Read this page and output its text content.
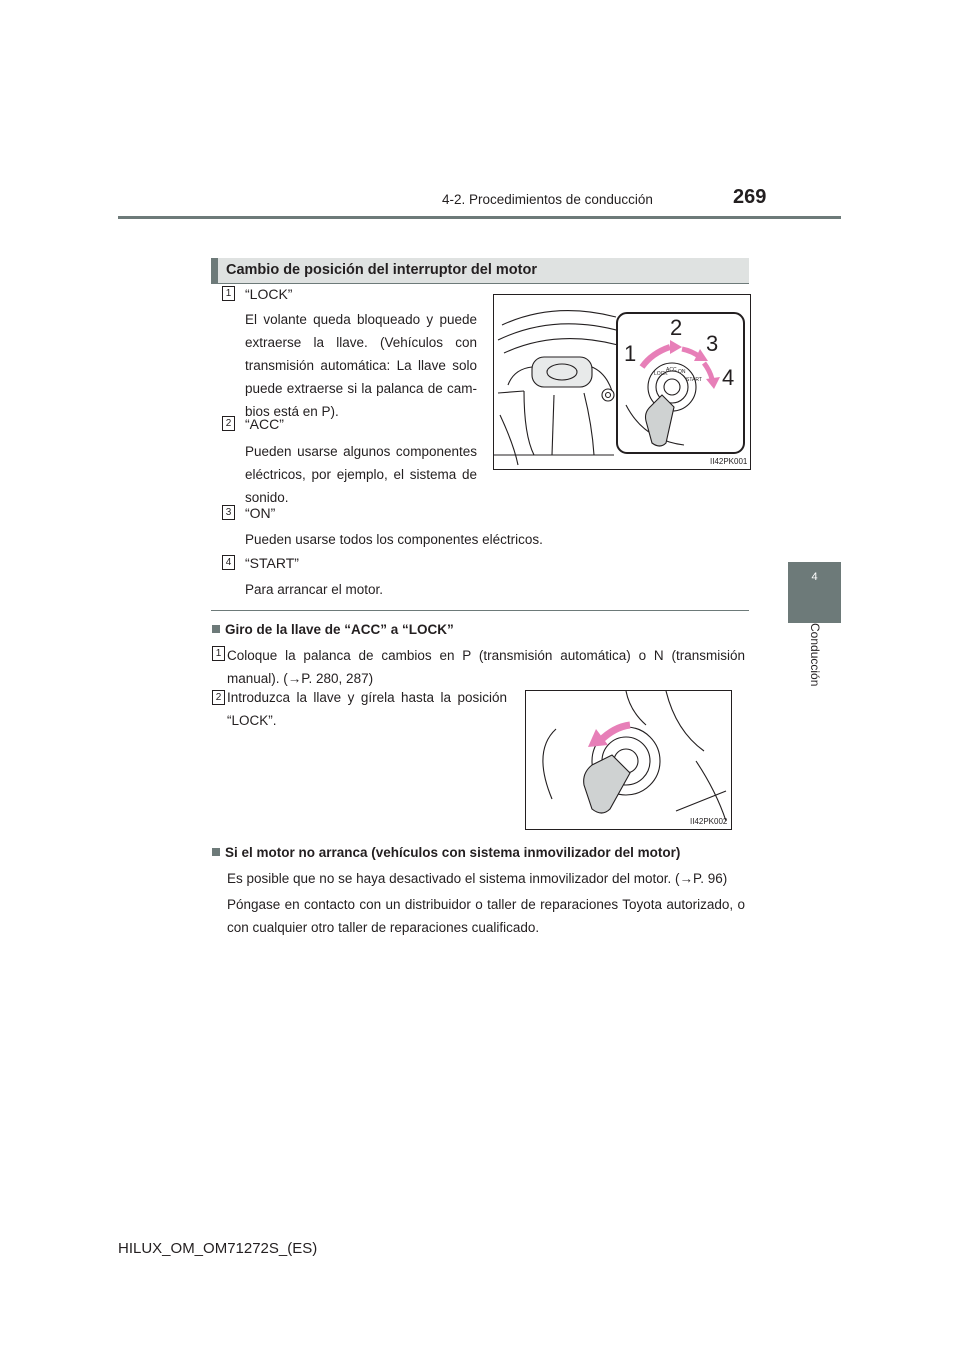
4-2. Procedimientos de conducción	269
4
Conducción
Cambio de posición del interruptor del motor
1 “LOCK”
El volante queda bloqueado y puede
extraerse la llave. (Vehículos con
transmisión automática: La llave solo
puede extraerse si la palanca de cam-
bios está en P).
2 “ACC”
Pueden usarse algunos componentes
eléctricos, por ejemplo, el sistema de
sonido.
3 “ON”
Pueden usarse todos los componentes eléctricos.
4 “START”
Para arrancar el motor.
LOCK
ACC ON
START
1
2
3
4
II42PK001
Giro de la llave de “ACC” a “LOCK”
1 Coloque la palanca de cambios en P (transmisión automática) o N (transmisión
manual). (→P. 280, 287)
2 Introduzca la llave y gírela hasta la posición
“LOCK”.
II42PK002
Si el motor no arranca (vehículos con sistema inmovilizador del motor)
Es posible que no se haya desactivado el sistema inmovilizador del motor. (→P. 96)
Póngase en contacto con un distribuidor o taller de reparaciones Toyota autorizado, o
con cualquier otro taller de reparaciones cualificado.
HILUX_OM_OM71272S_(ES)
